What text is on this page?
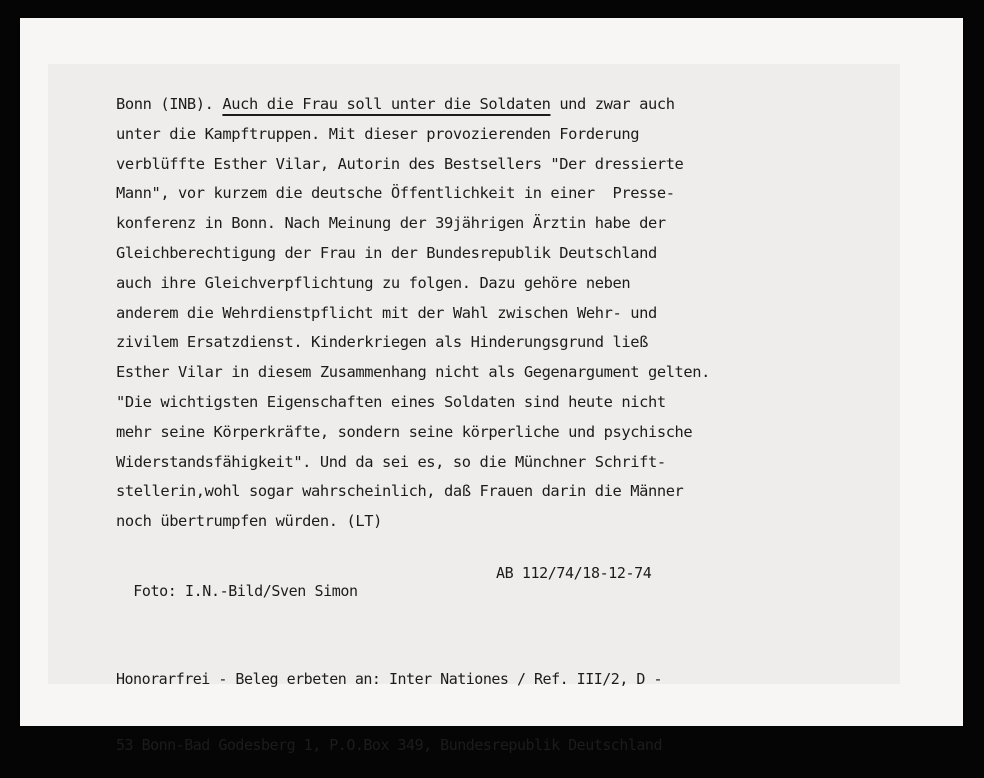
Bonn (INB). Auch die Frau soll unter die Soldaten und zwar auch
unter die Kampftruppen. Mit dieser provozierenden Forderung
verblüffte Esther Vilar, Autorin des Bestsellers "Der dressierte
Mann", vor kurzem die deutsche Öffentlichkeit in einer  Presse-
konferenz in Bonn. Nach Meinung der 39jährigen Ärztin habe der
Gleichberechtigung der Frau in der Bundesrepublik Deutschland
auch ihre Gleichverpflichtung zu folgen. Dazu gehöre neben
anderem die Wehrdienstpflicht mit der Wahl zwischen Wehr- und
zivilem Ersatzdienst. Kinderkriegen als Hinderungsgrund ließ
Esther Vilar in diesem Zusammenhang nicht als Gegenargument gelten.
"Die wichtigsten Eigenschaften eines Soldaten sind heute nicht
mehr seine Körperkräfte, sondern seine körperliche und psychische
Widerstandsfähigkeit". Und da sei es, so die Münchner Schrift-
stellerin,wohl sogar wahrscheinlich, daß Frauen darin die Männer
noch übertrumpfen würden. (LT)

Foto: I.N.-Bild/Sven Simon

AB 112/74/18-12-74

Honorarfrei - Beleg erbeten an: Inter Nationes / Ref. III/2, D -

53 Bonn-Bad Godesberg 1, P.O.Box 349, Bundesrepublik Deutschland
